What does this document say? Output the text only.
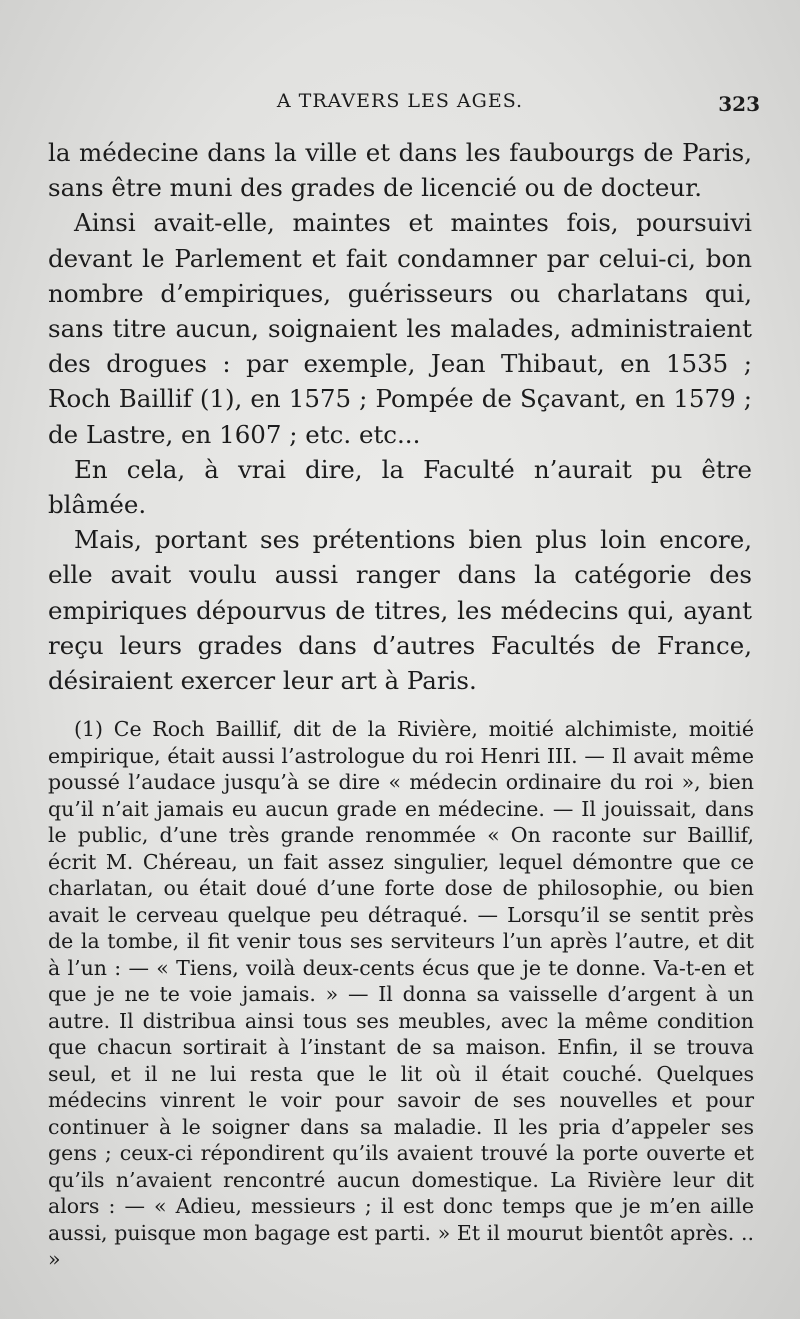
A TRAVERS LES AGES.	323

la médecine dans la ville et dans les faubourgs de Paris, sans être muni des grades de licencié ou de docteur.

Ainsi avait-elle, maintes et maintes fois, poursuivi devant le Parlement et fait condamner par celui-ci, bon nombre d’empiriques, guérisseurs ou charlatans qui, sans titre aucun, soignaient les malades, administraient des drogues : par exemple, Jean Thibaut, en 1535 ; Roch Baillif (1), en 1575 ; Pompée de Sçavant, en 1579 ; de Lastre, en 1607 ; etc. etc...

En cela, à vrai dire, la Faculté n’aurait pu être blâmée.

Mais, portant ses prétentions bien plus loin encore, elle avait voulu aussi ranger dans la catégorie des empiriques dépourvus de titres, les médecins qui, ayant reçu leurs grades dans d’autres Facultés de France, désiraient exercer leur art à Paris.

(1) Ce Roch Baillif, dit de la Rivière, moitié alchimiste, moitié empirique, était aussi l’astrologue du roi Henri III. — Il avait même poussé l’audace jusqu’à se dire « médecin ordinaire du roi », bien qu’il n’ait jamais eu aucun grade en médecine. — Il jouissait, dans le public, d’une très grande renommée « On raconte sur Baillif, écrit M. Chéreau, un fait assez singulier, lequel démontre que ce charlatan, ou était doué d’une forte dose de philosophie, ou bien avait le cerveau quelque peu détraqué. — Lorsqu’il se sentit près de la tombe, il fit venir tous ses serviteurs l’un après l’autre, et dit à l’un : — « Tiens, voilà deux-cents écus que je te donne. Va-t-en et que je ne te voie jamais. » — Il donna sa vaisselle d’argent à un autre. Il distribua ainsi tous ses meubles, avec la même condition que chacun sortirait à l’instant de sa maison. Enfin, il se trouva seul, et il ne lui resta que le lit où il était couché. Quelques médecins vinrent le voir pour savoir de ses nouvelles et pour continuer à le soigner dans sa maladie. Il les pria d’appeler ses gens ; ceux-ci répondirent qu’ils avaient trouvé la porte ouverte et qu’ils n’avaient rencontré aucun domestique. La Rivière leur dit alors : — « Adieu, messieurs ; il est donc temps que je m’en aille aussi, puisque mon bagage est parti. » Et il mourut bientôt après. .. »
